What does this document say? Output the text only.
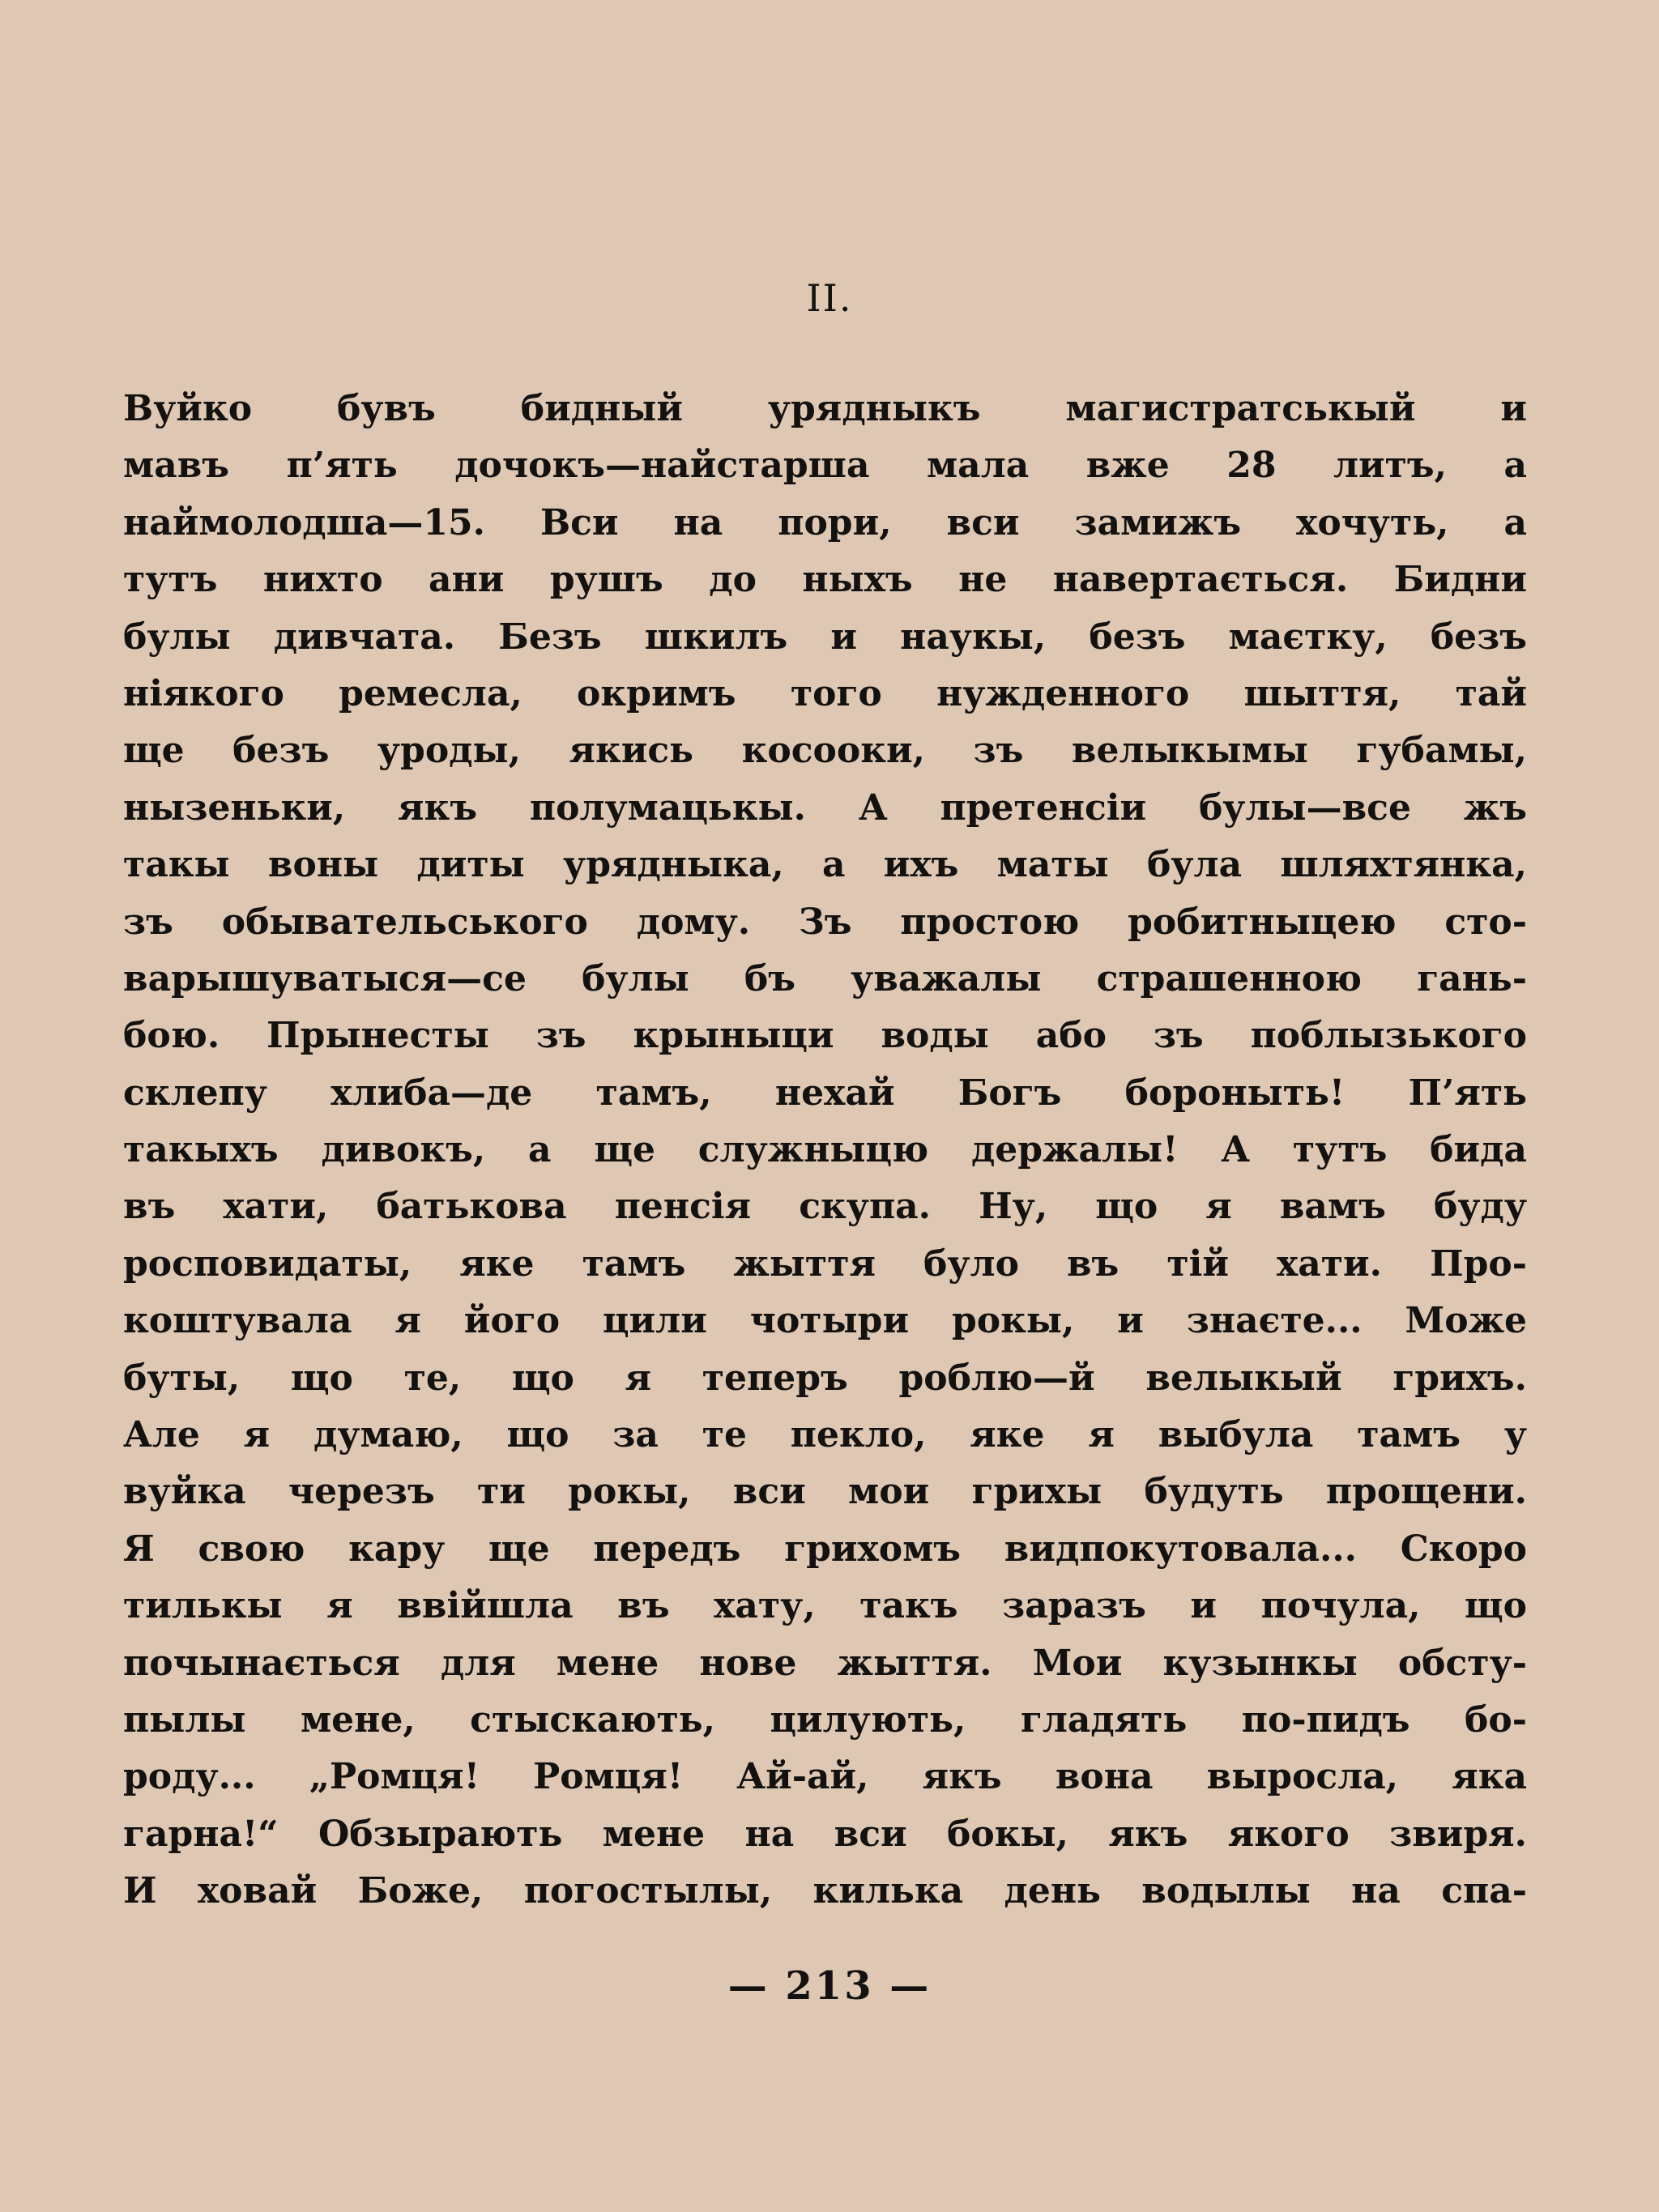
II.
Вуйко бувъ бидный урядныкъ магистратськый и
мавъ п’ять дочокъ—найстарша мала вже 28 литъ, а
наймолодша—15. Вси на пори, вси замижъ хочуть, а
тутъ нихто ани рушъ до ныхъ не навертається. Бидни
булы дивчата. Безъ шкилъ и наукы, безъ маєтку, безъ
ніякого ремесла, окримъ того нужденного шыття, тай
ще безъ уроды, якись косооки, зъ велыкымы губамы,
нызеньки, якъ полумацькы. А претенсіи булы—все жъ
такы воны диты урядныка, а ихъ маты була шляхтянка,
зъ обывательського дому. Зъ простою робитныцею сто-
варышуватыся—се булы бъ уважалы страшенною гань-
бою. Прынесты зъ крыныци воды або зъ поблызького
склепу хлиба—де тамъ, нехай Богъ бороныть! П’ять
такыхъ дивокъ, а ще служныцю держалы! А тутъ бида
въ хати, батькова пенсія скупа. Ну, що я вамъ буду
росповидаты, яке тамъ жыття було въ тій хати. Про-
коштувала я його цили чотыри рокы, и знаєте... Може
буты, що те, що я теперъ роблю—й велыкый грихъ.
Але я думаю, що за те пекло, яке я выбула тамъ у
вуйка черезъ ти рокы, вси мои грихы будуть прощени.
Я свою кару ще передъ грихомъ видпокутовала... Скоро
тилькы я ввійшла въ хату, такъ заразъ и почула, що
почынається для мене нове жыття. Мои кузынкы обсту-
пылы мене, стыскають, цилують, гладять по-пидъ бо-
роду... „Ромця! Ромця! Ай-ай, якъ вона выросла, яка
гарна!“ Обзырають мене на вси бокы, якъ якого звиря.
И ховай Боже, погостылы, килька день водылы на спа-
— 213 —
